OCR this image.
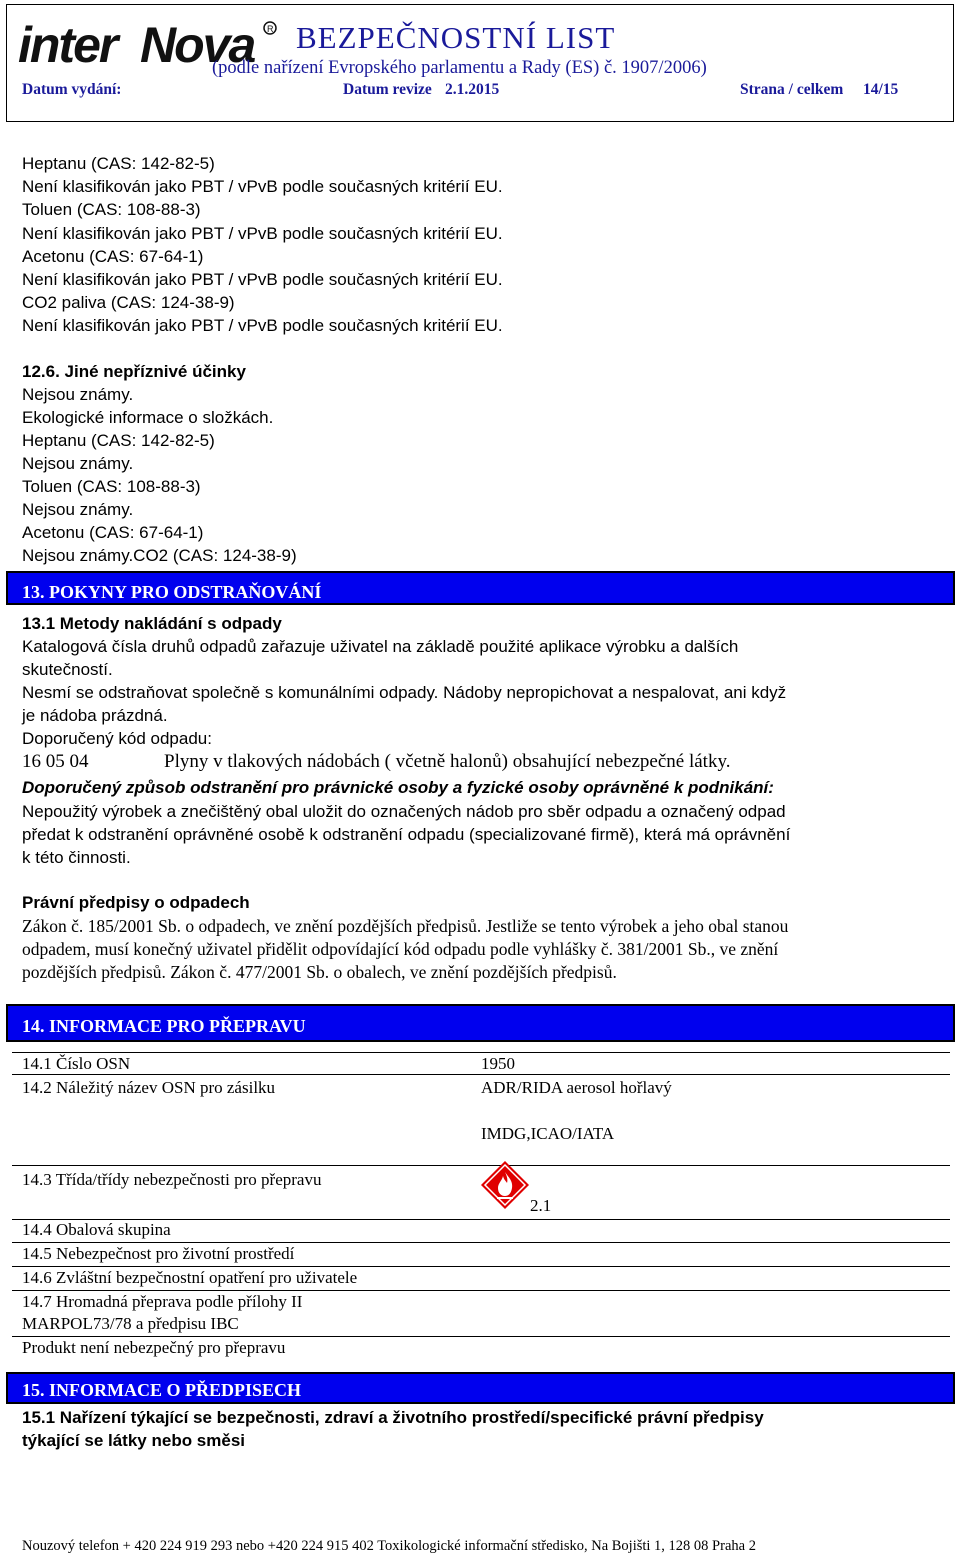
inter Nova R BEZPEČNOSTNÍ LIST
(podle nařízení Evropského parlamentu a Rady (ES) č. 1907/2006)
Datum vydání:	Datum revize 2.1.2015	Strana / celkem 14/15
Heptanu (CAS: 142-82-5)
Není klasifikován jako PBT / vPvB podle současných kritérií EU.
Toluen (CAS: 108-88-3)
Není klasifikován jako PBT / vPvB podle současných kritérií EU.
Acetonu (CAS: 67-64-1)
Není klasifikován jako PBT / vPvB podle současných kritérií EU.
CO2 paliva (CAS: 124-38-9)
Není klasifikován jako PBT / vPvB podle současných kritérií EU.
12.6. Jiné nepříznivé účinky
Nejsou známy.
Ekologické informace o složkách.
Heptanu (CAS: 142-82-5)
Nejsou známy.
Toluen (CAS: 108-88-3)
Nejsou známy.
Acetonu (CAS: 67-64-1)
Nejsou známy.CO2 (CAS: 124-38-9)
13. POKYNY PRO ODSTRAŇOVÁNÍ
13.1 Metody nakládání s odpady
Katalogová čísla druhů odpadů zařazuje uživatel na základě použité aplikace výrobku a dalších
skutečností.
Nesmí se odstraňovat společně s komunálními odpady. Nádoby nepropichovat a nespalovat, ani když
je nádoba prázdná.
Doporučený kód odpadu:
16 05 04	Plyny v tlakových nádobách ( včetně halonů) obsahující nebezpečné látky.
Doporučený způsob odstranění pro právnické osoby a fyzické osoby oprávněné k podnikání:
Nepoužitý výrobek a znečištěný obal uložit do označených nádob pro sběr odpadu a označený odpad
předat k odstranění oprávněné osobě k odstranění odpadu (specializované firmě), která má oprávnění
k této činnosti.
Právní předpisy o odpadech
Zákon č. 185/2001 Sb. o odpadech, ve znění pozdějších předpisů. Jestliže se tento výrobek a jeho obal stanou
odpadem, musí konečný uživatel přidělit odpovídající kód odpadu podle vyhlášky č. 381/2001 Sb., ve znění
pozdějších předpisů. Zákon č. 477/2001 Sb. o obalech, ve znění pozdějších předpisů.
14. INFORMACE PRO PŘEPRAVU
14.1 Číslo OSN	1950
14.2 Náležitý název OSN pro zásilku	ADR/RIDA aerosol hořlavý
IMDG,ICAO/IATA
14.3 Třída/třídy nebezpečnosti pro přepravu
2.1
14.4 Obalová skupina
14.5 Nebezpečnost pro životní prostředí
14.6 Zvláštní bezpečnostní opatření pro uživatele
14.7 Hromadná přeprava podle přílohy II
MARPOL73/78 a předpisu IBC
Produkt není nebezpečný pro přepravu
15. INFORMACE O PŘEDPISECH
15.1 Nařízení týkající se bezpečnosti, zdraví a životního prostředí/specifické právní předpisy
týkající se látky nebo směsi
Nouzový telefon + 420 224 919 293 nebo +420 224 915 402 Toxikologické informační středisko, Na Bojišti 1, 128 08 Praha 2
